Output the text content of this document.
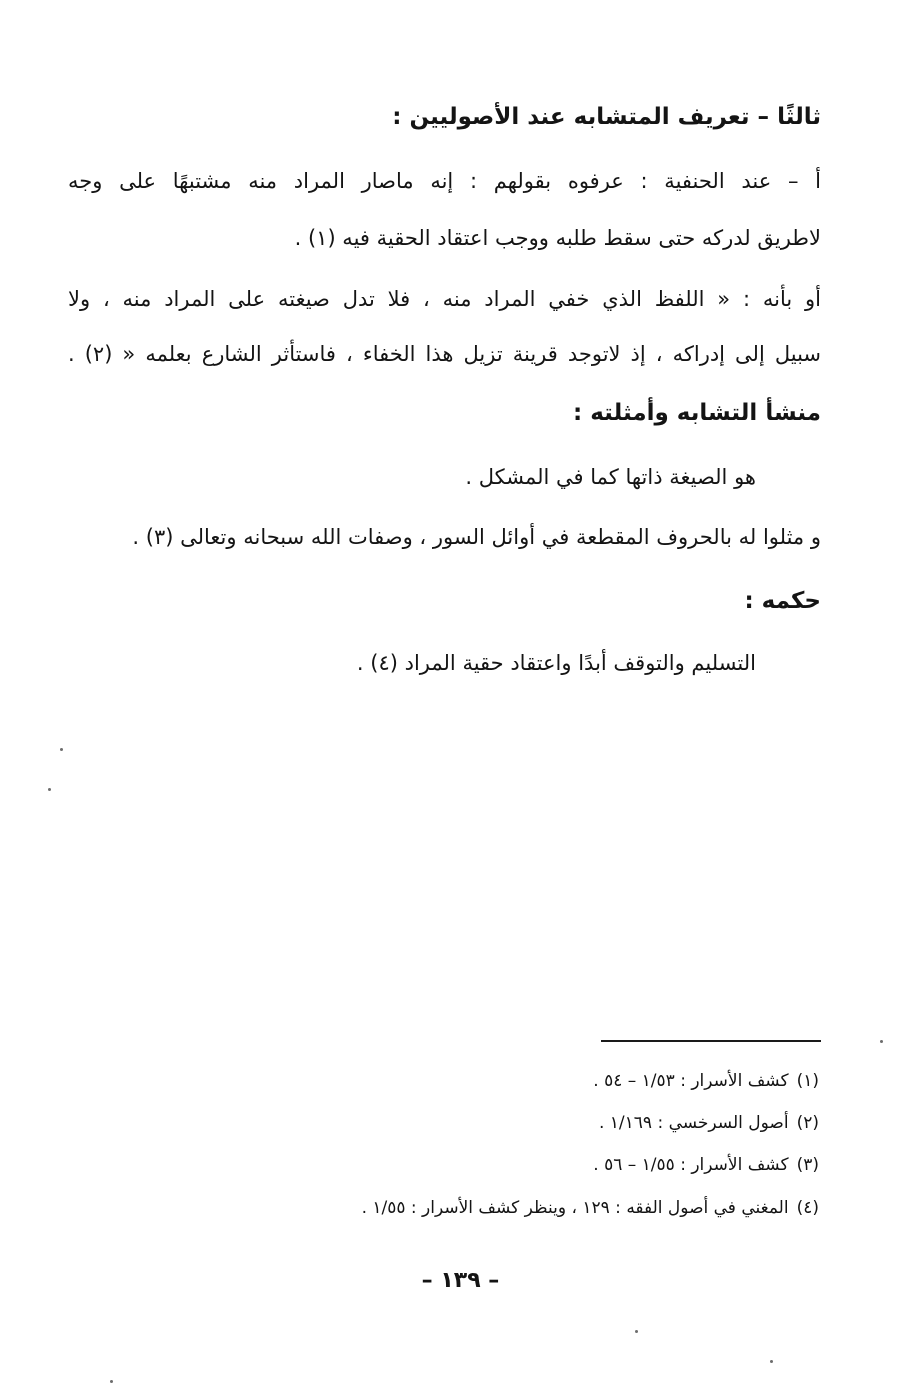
ثالثًا – تعريف المتشابه عند الأصوليين :
أ – عند الحنفية : عرفوه بقولهم : إنه ماصار المراد منه مشتبهًا على وجه
لاطريق لدركه حتى سقط طلبه ووجب اعتقاد الحقية فيه (١) .
أو بأنه : « اللفظ الذي خفي المراد منه ، فلا تدل صيغته على المراد منه ، ولا
سبيل إلى إدراكه ، إذ لاتوجد قرينة تزيل هذا الخفاء ، فاستأثر الشارع بعلمه « (٢) .
منشأ التشابه وأمثلته :
هو الصيغة ذاتها كما في المشكل .
و مثلوا له بالحروف المقطعة في أوائل السور ، وصفات الله سبحانه وتعالى (٣) .
حكمه :
التسليم والتوقف أبدًا واعتقاد حقية المراد (٤) .
(١)كشف الأسرار : ١/٥٣ – ٥٤ .
(٢)أصول السرخسي : ١/١٦٩ .
(٣)كشف الأسرار : ١/٥٥ – ٥٦ .
(٤)المغني في أصول الفقه : ١٢٩ ، وينظر كشف الأسرار : ١/٥٥ .
– ١٣٩ –
